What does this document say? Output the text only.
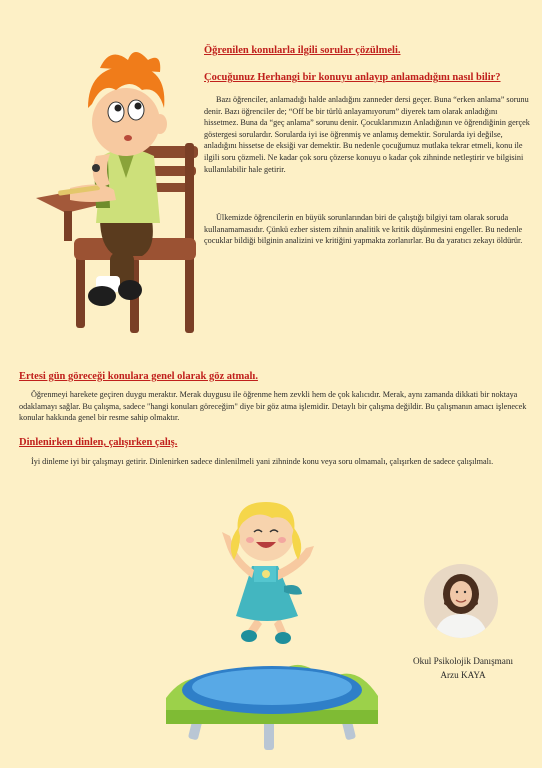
Öğrenilen konularla ilgili sorular çözülmeli.
Çocuğunuz Herhangi bir konuyu anlayıp anlamadığını nasıl bilir?

Bazı öğrenciler, anlamadığı halde anladığını zanneder dersi geçer. Buna “erken anlama” sorunu denir. Bazı öğrenciler de; “Off be bir türlü anlayamıyorum” diyerek tam olarak anladığını hissetmez. Buna da “geç anlama” sorunu denir. Çocuklarımızın Anladığının ve öğrendiğinin gerçek göstergesi sorulardır. Sorularda iyi ise öğrenmiş ve anlamış demektir. Sorularda iyi değilse, anladığını hissetse de eksiği var demektir. Bu nedenle çocuğumuz mutlaka tekrar etmeli, konu ile ilgili soru çözmeli. Ne kadar çok soru çözerse konuyu o kadar çok zihninde netleştirir ve bilgisini kullanılabilir hale getirir.

Ülkemizde öğrencilerin en büyük sorunlarından biri de çalıştığı bilgiyi tam olarak soruda kullanamamasıdır. Çünkü ezber sistem zihnin analitik ve kritik düşünmesini engeller. Bu nedenle çocuklar bildiği bilginin analizini ve kritiğini yapmakta zorlanırlar. Bu da yaratıcı zekayı öldürür.

Ertesi gün göreceği konulara genel olarak göz atmalı.

Öğrenmeyi harekete geçiren duygu meraktır. Merak duygusu ile öğrenme hem zevkli hem de çok kalıcıdır. Merak, aynı zamanda dikkati bir noktaya odaklamayı sağlar. Bu çalışma, sadece "hangi konuları göreceğim" diye bir göz atma işlemidir. Detaylı bir çalışma değildir. Bu çalışmanın amacı işlenecek konular hakkında genel bir resme sahip olmaktır.

Dinlenirken dinlen, çalışırken çalış.

İyi dinleme iyi bir çalışmayı getirir. Dinlenirken sadece dinlenilmeli yani zihninde konu veya soru olmamalı, çalışırken de sadece çalışılmalı.

Okul Psikolojik Danışmanı
Arzu KAYA
